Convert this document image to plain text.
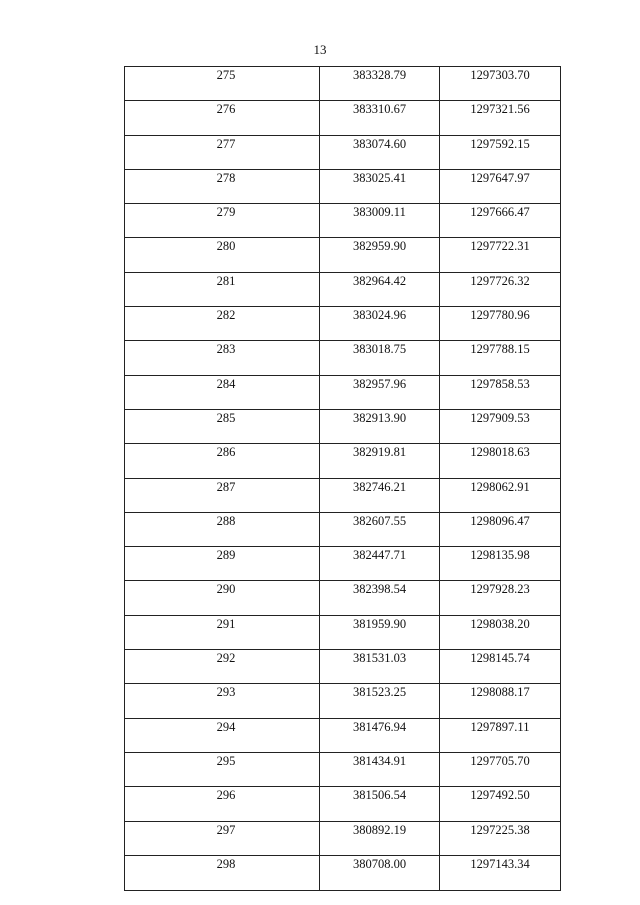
13
275	383328.79	1297303.70
276	383310.67	1297321.56
277	383074.60	1297592.15
278	383025.41	1297647.97
279	383009.11	1297666.47
280	382959.90	1297722.31
281	382964.42	1297726.32
282	383024.96	1297780.96
283	383018.75	1297788.15
284	382957.96	1297858.53
285	382913.90	1297909.53
286	382919.81	1298018.63
287	382746.21	1298062.91
288	382607.55	1298096.47
289	382447.71	1298135.98
290	382398.54	1297928.23
291	381959.90	1298038.20
292	381531.03	1298145.74
293	381523.25	1298088.17
294	381476.94	1297897.11
295	381434.91	1297705.70
296	381506.54	1297492.50
297	380892.19	1297225.38
298	380708.00	1297143.34
